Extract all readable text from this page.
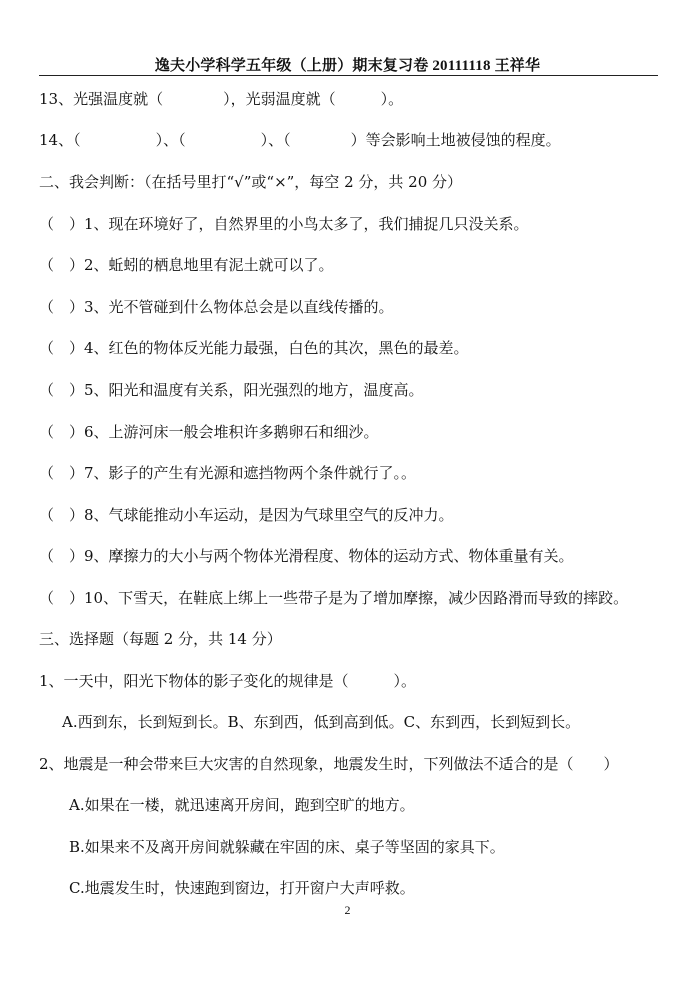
逸夫小学科学五年级（上册）期末复习卷 20111118 王祥华
13、光强温度就（　　　　），光弱温度就（　　　）。
14、（　　　　　）、（　　　　　）、（　　　　）等会影响土地被侵蚀的程度。
二、我会判断：（在括号里打“√”或“×”，每空 2 分，共 20 分）
（　）1、现在环境好了，自然界里的小鸟太多了，我们捕捉几只没关系。
（　）2、蚯蚓的栖息地里有泥土就可以了。
（　）3、光不管碰到什么物体总会是以直线传播的。
（　）4、红色的物体反光能力最强，白色的其次，黑色的最差。
（　）5、阳光和温度有关系，阳光强烈的地方，温度高。
（　）6、上游河床一般会堆积许多鹅卵石和细沙。
（　）7、影子的产生有光源和遮挡物两个条件就行了。。
（　）8、气球能推动小车运动，是因为气球里空气的反冲力。
（　）9、摩擦力的大小与两个物体光滑程度、物体的运动方式、物体重量有关。
（　）10、下雪天，在鞋底上绑上一些带子是为了增加摩擦，减少因路滑而导致的摔跤。
三、选择题（每题 2 分，共 14 分）
1、一天中，阳光下物体的影子变化的规律是（　　　）。
A.西到东，长到短到长。B、东到西，低到高到低。C、东到西，长到短到长。
2、地震是一种会带来巨大灾害的自然现象，地震发生时，下列做法不适合的是（　　）
A.如果在一楼，就迅速离开房间，跑到空旷的地方。
B.如果来不及离开房间就躲藏在牢固的床、桌子等坚固的家具下。
C.地震发生时，快速跑到窗边，打开窗户大声呼救。
2
